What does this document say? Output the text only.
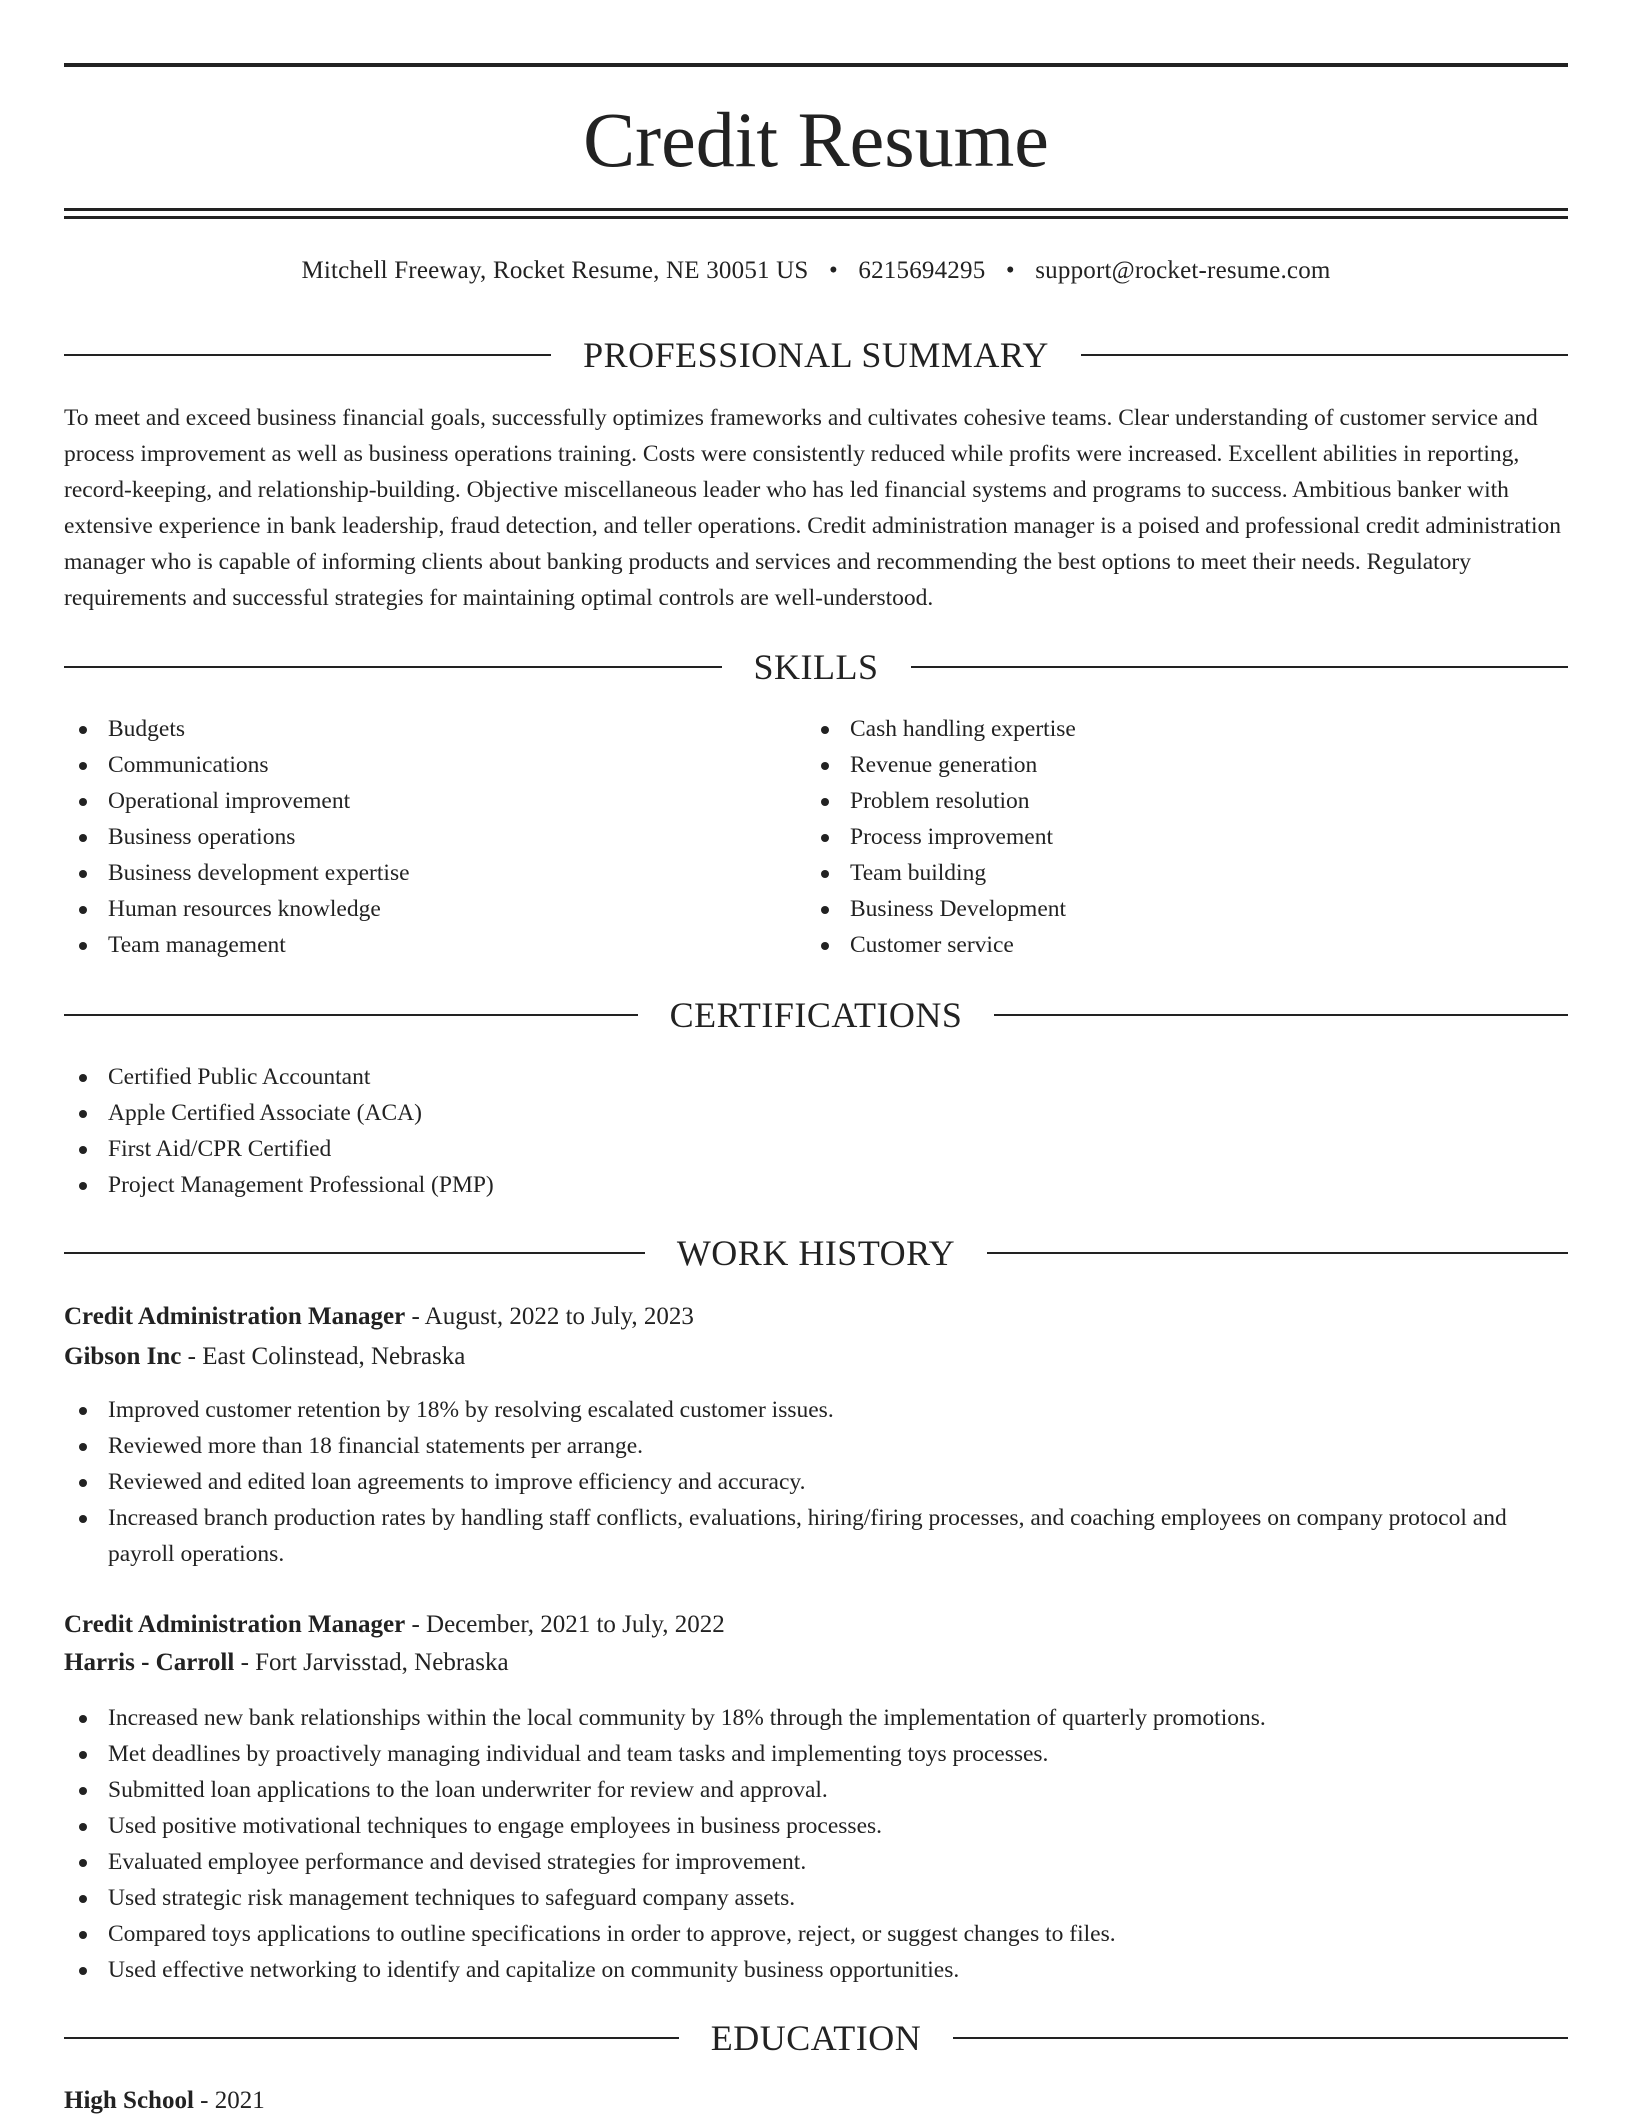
Credit Resume
Mitchell Freeway, Rocket Resume, NE 30051 US • 6215694295 • support@rocket-resume.com
PROFESSIONAL SUMMARY

To meet and exceed business financial goals, successfully optimizes frameworks and cultivates cohesive teams. Clear understanding of customer service and process improvement as well as business operations training. Costs were consistently reduced while profits were increased. Excellent abilities in reporting, record-keeping, and relationship-building. Objective miscellaneous leader who has led financial systems and programs to success. Ambitious banker with extensive experience in bank leadership, fraud detection, and teller operations. Credit administration manager is a poised and professional credit administration manager who is capable of informing clients about banking products and services and recommending the best options to meet their needs. Regulatory requirements and successful strategies for maintaining optimal controls are well-understood.

SKILLS
Budgets
Communications
Operational improvement
Business operations
Business development expertise
Human resources knowledge
Team management
Cash handling expertise
Revenue generation
Problem resolution
Process improvement
Team building
Business Development
Customer service
CERTIFICATIONS
Certified Public Accountant
Apple Certified Associate (ACA)
First Aid/CPR Certified
Project Management Professional (PMP)
WORK HISTORY
Credit Administration Manager - August, 2022 to July, 2023
Gibson Inc - East Colinstead, Nebraska
Improved customer retention by 18% by resolving escalated customer issues.
Reviewed more than 18 financial statements per arrange.
Reviewed and edited loan agreements to improve efficiency and accuracy.
Increased branch production rates by handling staff conflicts, evaluations, hiring/firing processes, and coaching employees on company protocol and payroll operations.
Credit Administration Manager - December, 2021 to July, 2022
Harris - Carroll - Fort Jarvisstad, Nebraska
Increased new bank relationships within the local community by 18% through the implementation of quarterly promotions.
Met deadlines by proactively managing individual and team tasks and implementing toys processes.
Submitted loan applications to the loan underwriter for review and approval.
Used positive motivational techniques to engage employees in business processes.
Evaluated employee performance and devised strategies for improvement.
Used strategic risk management techniques to safeguard company assets.
Compared toys applications to outline specifications in order to approve, reject, or suggest changes to files.
Used effective networking to identify and capitalize on community business opportunities.
EDUCATION
High School - 2021
